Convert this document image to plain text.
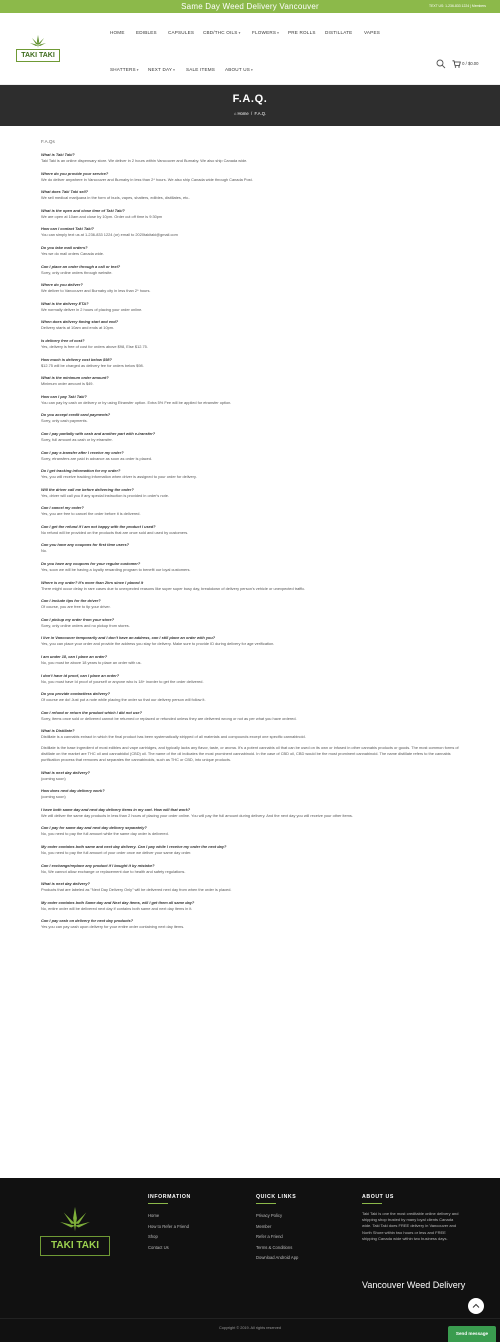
Same Day Weed Delivery Vancouver	TEXT US: 1-236-833 1224 | Members
TAKI TAKI
HOME EDIBLES CAPSULES CBD/THC OILS▾ FLOWERS▾ PRE ROLLS DISTILLATE	VAPES
SHATTERS▾ NEXT DAY▾ SALE ITEMS ABOUT US▾
0 / $0.00
F.A.Q.
⌂ Home / F.A.Q.
F.A.Qs
What is Taki Taki?
Taki Taki is an online dispensary store. We deliver in 2 hours within Vancouver and Burnaby. We also ship Canada wide.
Where do you provide your service?
We do deliver anywhere in Vancouver and Burnaby in less than 2* hours. We also ship Canada wide through Canada Post.
What does Taki Taki sell?
We sell medical marijuana in the form of buds, vapes, shatters, edibles, distillates, etc..
What is the open and close time of Taki Taki?
We are open at 10am and close by 10pm. Order cut off time is 9:30pm
How can I contact Taki Taki?
You can simply text us at 1-236-833 1224 (or) email to 2020takitaki@gmail.com
Do you take mail orders?
Yes we do mail orders Canada wide.
Can I place an order through a call or text?
Sorry, only online orders through website.
Where do you deliver?
We deliver to Vancouver and Burnaby city in less than 2* hours.
What is the delivery ETA?
We normally deliver in 2 hours of placing your order online.
When does delivery timing start and end?
Delivery starts at 10am and ends at 10pm.
Is delivery free of cost?
Yes, delivery is free of cost for orders above $98, Else $12.75.
How much is delivery cost below $98?
$12.75 will be charged as delivery fee for orders below $98.
What is the minimum order amount?
Minimum order amount is $49.
How can I pay Taki Taki?
You can pay by cash on delivery or by using Etransfer option. Extra 5% Fee will be applied for etransfer option.
Do you accept credit card payments?
Sorry, only cash payments.
Can I pay partially with cash and another part with e-transfer?
Sorry, full amount as cash or by etransfer.
Can I pay e-transfer after I receive my order?
Sorry, etransfers are paid in advance as soon as order is placed.
Do I get tracking information for my order?
Yes, you will receive tracking information when driver is assigned to your order for delivery.
Will the driver call me before delivering the order?
Yes, driver will call you if any special instruction is provided in order's note.
Can I cancel my order?
Yes, you are free to cancel the order before it is delivered.
Can I get the refund if I am not happy with the product I used?
No refund will be provided on the products that are once sold and used by customers.
Can you have any coupons for first time users?
No.
Do you have any coupons for your regular customer?
Yes, soon we will be having a loyalty rewarding program to benefit our loyal customers.
Where is my order? It's more than 2hrs since I placed it
There might occur delay in rare cases due to unexpected reasons like super super busy day, breakdown of delivery person's vehicle or unexpected traffic.
Can I include tips for the driver?
Of course, you are free to tip your driver.
Can I pickup my order from your store?
Sorry, only online orders and no pickup from stores.
I live in Vancouver temporarily and I don't have an address, can I still place an order with you?
Yes, you can place your order and provide the address you stay for delivery. Make sure to provide ID during delivery for age verification.
I am under 18, can I place an order?
No, you must be above 18 years to place an order with us.
I don't have id proof, can I place an order?
No, you must have Id proof of yourself or anyone who is 18+ inorder to get the order delivered.
Do you provide contactless delivery?
Of course we do! Just put a note while placing the order so that our delivery person will follow it.
Can I refund or return the product which I did not use?
Sorry, items once sold or delivered cannot be returned or replaced or refunded unless they are delivered wrong or not as per what you have ordered.
What is Distillate?
Distillate is a cannabis extract in which the final product has been systematically stripped of all materials and compounds except one specific cannabinoid.
Distillate is the base ingredient of most edibles and vape cartridges, and typically lacks any flavor, taste, or aroma. It's a potent cannabis oil that can be used on its own or infused in other cannabis products or goods. The most common forms of distillate on the market are THC oil and cannabidiol (CBD) oil. The name of the oil indicates the most prominent cannabinoid. In the case of CBD oil, CBD would be the most prominent cannabinoid. The name distillate refers to the cannabis purification process that removes and separates the cannabinoids, such as THC or CBD, into unique products.
What is next day delivery?
(coming soon)
How does next day delivery work?
(coming soon)
I have both same day and next day delivery items in my cart. How will that work?
We will deliver the same day products in less than 2 hours of placing your order online. You will pay the full amount during delivery. And the next day you will receive your other items.
Can I pay for same day and next day delivery separately?
No, you need to pay the full amount while the same day order is delivered.
My order contains both same and next day delivery. Can I pay while I receive my order the next day?
No, you need to pay the full amount of your order once we deliver your same day order.
Can I exchange/replace any product if I bought it by mistake?
No, We cannot allow exchange or replacement due to health and safety regulations.
What is next day delivery?
Products that are labeled as "Next Day Delivery Only" will be delivered next day from when the order is placed.
My order contains both Same day and Next day items, will I get them all same day?
No, entire order will be delivered next day if contains both same and next day items in it.
Can I pay cash on delivery for next day products?
Yes you can pay cash upon delivery for your entire order containing next day items.
TAKI TAKI
INFORMATION
Home
How to Refer a Friend
Shop
Contact Us
QUICK LINKS
Privacy Policy
Member
Refer a Friend
Terms & Conditions
Download Android App
ABOUT US
Taki Taki is one the most creditable online delivery and shipping shop trusted by many loyal clients Canada wide. Taki Taki does FREE delivery in Vancouver and North Shore within two hours or less and FREE shipping Canada wide within two business days.
Vancouver Weed Delivery
Copyright © 2019. All rights reserved
Send message
